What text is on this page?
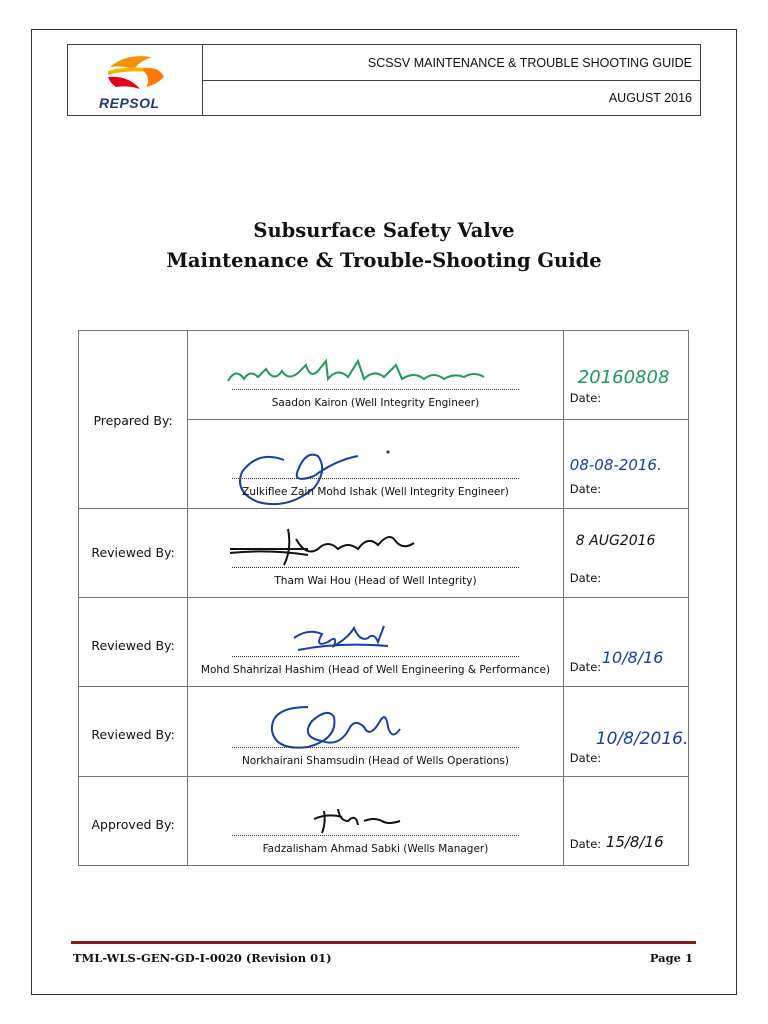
REPSOL
SCSSV MAINTENANCE & TROUBLE SHOOTING GUIDE
AUGUST 2016
Subsurface Safety Valve
Maintenance & Trouble-Shooting Guide
Prepared By:	Saadon Kairon (Well Integrity Engineer)	20160808
Date:

	Zulkiflee Zain Mohd Ishak (Well Integrity Engineer)	08-08-2016.
Date:

Reviewed By:	Tham Wai Hou (Head of Well Integrity)	8 AUG2016
Date:

Reviewed By:	Mohd Shahrizal Hashim (Head of Well Engineering & Performance)	10/8/16
Date:

Reviewed By:	Norkhairani Shamsudin (Head of Wells Operations)	10/8/2016.
Date:

Approved By:	Fadzalisham Ahmad Sabki (Wells Manager)	Date: 15/8/16
TML-WLS-GEN-GD-I-0020 (Revision 01)	Page 1
